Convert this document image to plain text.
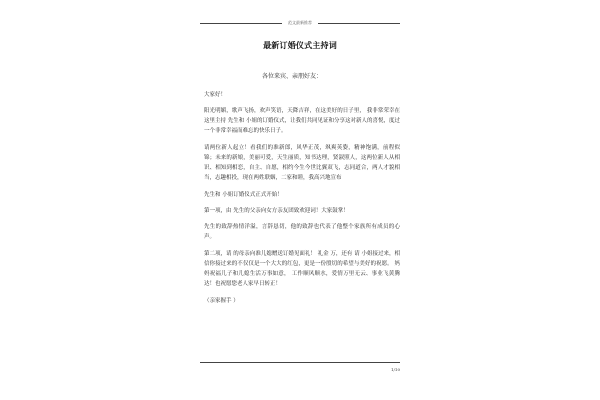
范文最新推荐
最新订婚仪式主持词
各位来宾、亲朋好友：

大家好！

阳光明媚，歌声飞扬，欢声笑语，天降吉祥，在这美好的日子里， 我非常荣幸在这里主持 先生和 小姐的订婚仪式，让我们共同见证和分享这对新人的喜悦，度过一个非常幸福而难忘的快乐日子。

请两位新人起立！看我们的准新郎，风华正茂，飒爽英姿，精神饱满，前程似锦；未来的新娘，美丽可爱，天生丽质，知书达理，贤淑照人，这两位新人从相识、相知到相恋，自主、自愿，相约今生今世比翼双飞，志同道合，两人才貌相当，志趣相投，现在两姓联姻，二家和睦，我高兴地宣布

先生和 小姐订婚仪式正式开始！

第一项，由 先生的父亲向女方亲友团致欢迎词！大家鼓掌！

先生的致辞热情洋溢，言辞恳切，他的致辞也代表了他整个家族所有成员的心声。

第二项，请 的母亲向准儿媳赠送订婚见面礼！ 礼金 万，还有 请 小姐接过来，相信你接过来的不仅仅是一个大大的红包，更是一份殷切的希望与美好的祝愿。 妈妈祝福儿子和儿媳生活万事如意， 工作顺风顺水，爱情万里无云、事业飞黄腾达！也祝愿您老人家早日转正！

（亲家握手 ）

1/10
